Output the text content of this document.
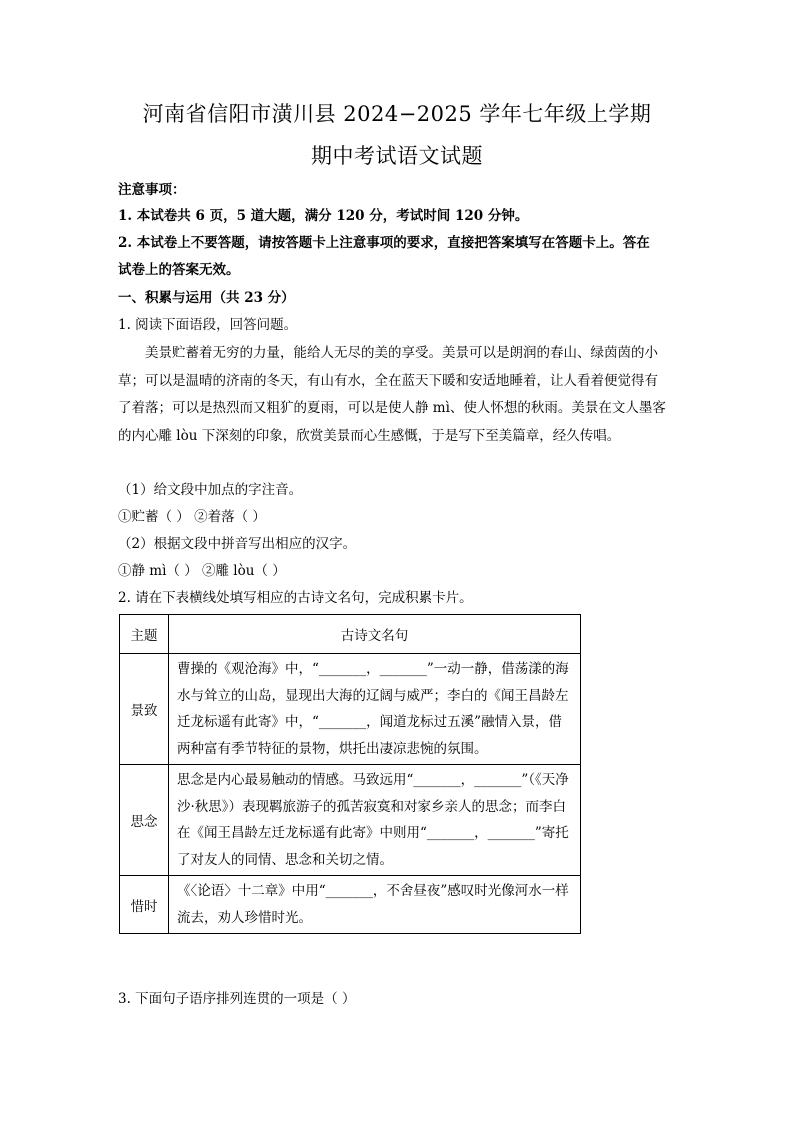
河南省信阳市潢川县 2024−2025 学年七年级上学期
期中考试语文试题
注意事项：
1. 本试卷共 6 页，5 道大题，满分 120 分，考试时间 120 分钟。
2. 本试卷上不要答题，请按答题卡上注意事项的要求，直接把答案填写在答题卡上。答在
试卷上的答案无效。
一、积累与运用（共 23 分）
1. 阅读下面语段，回答问题。

美景贮蓄着无穷的力量，能给人无尽的美的享受。美景可以是朗润的春山、绿茵茵的小草；可以是温晴的济南的冬天，有山有水，全在蓝天下暖和安适地睡着，让人看着便觉得有了着落；可以是热烈而又粗犷的夏雨，可以是使人静 mì、使人怀想的秋雨。美景在文人墨客的内心雕 lòu 下深刻的印象，欣赏美景而心生感慨，于是写下至美篇章，经久传唱。

（1）给文段中加点的字注音。
①贮蓄（ ） ②着落（ ）
（2）根据文段中拼音写出相应的汉字。
①静 mì（ ） ②雕 lòu（ ）
2. 请在下表横线处填写相应的古诗文名句，完成积累卡片。
主题	古诗文名句
景致	曹操的《观沧海》中，“_______，_______”一动一静，借荡漾的海水与耸立的山岛，显现出大海的辽阔与威严；李白的《闻王昌龄左迁龙标遥有此寄》中，“_______，闻道龙标过五溪”融情入景，借两种富有季节特征的景物，烘托出凄凉悲惋的氛围。
思念	思念是内心最易触动的情感。马致远用“_______，_______”（《天净沙·秋思》）表现羁旅游子的孤苦寂寞和对家乡亲人的思念；而李白在《闻王昌龄左迁龙标遥有此寄》中则用“_______，_______”寄托了对友人的同情、思念和关切之情。
惜时	《〈论语〉十二章》中用“_______，不舍昼夜”感叹时光像河水一样流去，劝人珍惜时光。
3. 下面句子语序排列连贯的一项是（ ）
